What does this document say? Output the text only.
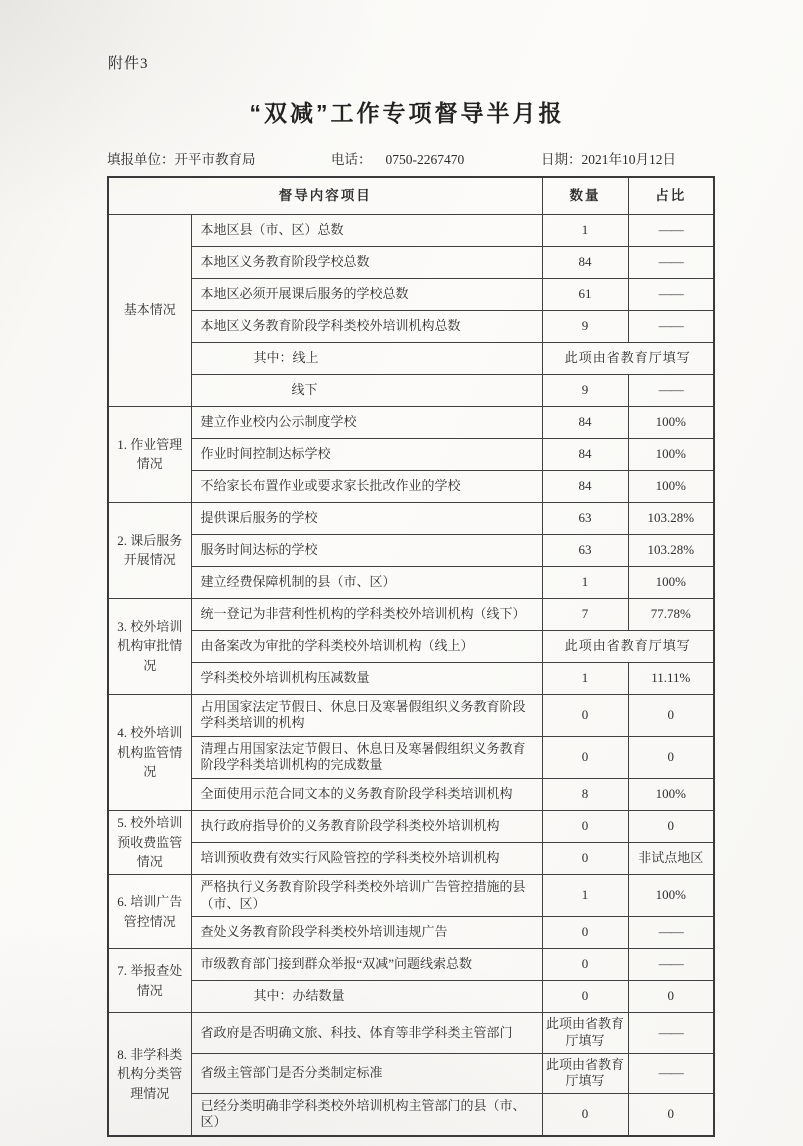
附件3
“双减”工作专项督导半月报
填报单位：开平市教育局	电话： 0750-2267470	日期：2021年10月12日
督导内容项目		数量	占比
基本情况	本地区县（市、区）总数	1	——
	本地区义务教育阶段学校总数	84	——
	本地区必须开展课后服务的学校总数	61	——
	本地区义务教育阶段学科类校外培训机构总数	9	——
	其中：线上	此项由省教育厅填写	
	线下	9	——
1. 作业管理情况	建立作业校内公示制度学校	84	100%
	作业时间控制达标学校	84	100%
	不给家长布置作业或要求家长批改作业的学校	84	100%
2. 课后服务开展情况	提供课后服务的学校	63	103.28%
	服务时间达标的学校	63	103.28%
	建立经费保障机制的县（市、区）	1	100%
3. 校外培训机构审批情况	统一登记为非营利性机构的学科类校外培训机构（线下）	7	77.78%
	由备案改为审批的学科类校外培训机构（线上）	此项由省教育厅填写	
	学科类校外培训机构压减数量	1	11.11%
4. 校外培训机构监管情况	占用国家法定节假日、休息日及寒暑假组织义务教育阶段学科类培训的机构	0	0
	清理占用国家法定节假日、休息日及寒暑假组织义务教育阶段学科类培训机构的完成数量	0	0
	全面使用示范合同文本的义务教育阶段学科类培训机构	8	100%
5. 校外培训预收费监管情况	执行政府指导价的义务教育阶段学科类校外培训机构	0	0
	培训预收费有效实行风险管控的学科类校外培训机构	0	非试点地区
6. 培训广告管控情况	严格执行义务教育阶段学科类校外培训广告管控措施的县（市、区）	1	100%
	查处义务教育阶段学科类校外培训违规广告	0	——
7. 举报查处情况	市级教育部门接到群众举报“双减”问题线索总数	0	——
	其中：办结数量	0	0
8. 非学科类机构分类管理情况	省政府是否明确文旅、科技、体育等非学科类主管部门	此项由省教育厅填写	——
	省级主管部门是否分类制定标准	此项由省教育厅填写	——
	已经分类明确非学科类校外培训机构主管部门的县（市、区）	0	0
